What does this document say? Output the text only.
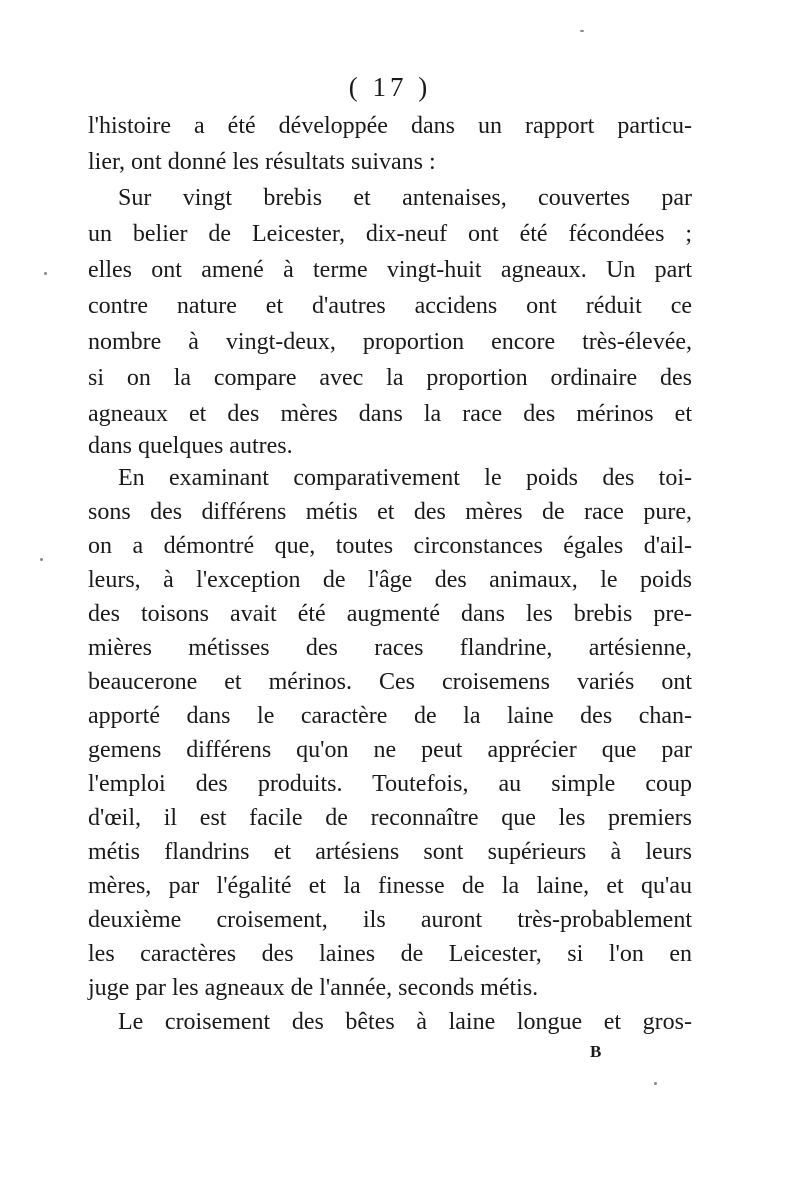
( 17 )
l'histoire a été développée dans un rapport particu-
lier, ont donné les résultats suivans :
Sur vingt brebis et antenaises, couvertes par
un belier de Leicester, dix-neuf ont été fécondées ;
elles ont amené à terme vingt-huit agneaux. Un part
contre nature et d'autres accidens ont réduit ce
nombre à vingt-deux, proportion encore très-élevée,
si on la compare avec la proportion ordinaire des
agneaux et des mères dans la race des mérinos et
dans quelques autres.
En examinant comparativement le poids des toi-
sons des différens métis et des mères de race pure,
on a démontré que, toutes circonstances égales d'ail-
leurs, à l'exception de l'âge des animaux, le poids
des toisons avait été augmenté dans les brebis pre-
mières métisses des races flandrine, artésienne,
beaucerone et mérinos. Ces croisemens variés ont
apporté dans le caractère de la laine des chan-
gemens différens qu'on ne peut apprécier que par
l'emploi des produits. Toutefois, au simple coup
d'œil, il est facile de reconnaître que les premiers
métis flandrins et artésiens sont supérieurs à leurs
mères, par l'égalité et la finesse de la laine, et qu'au
deuxième croisement, ils auront très-probablement
les caractères des laines de Leicester, si l'on en
juge par les agneaux de l'année, seconds métis.
Le croisement des bêtes à laine longue et gros-
B
